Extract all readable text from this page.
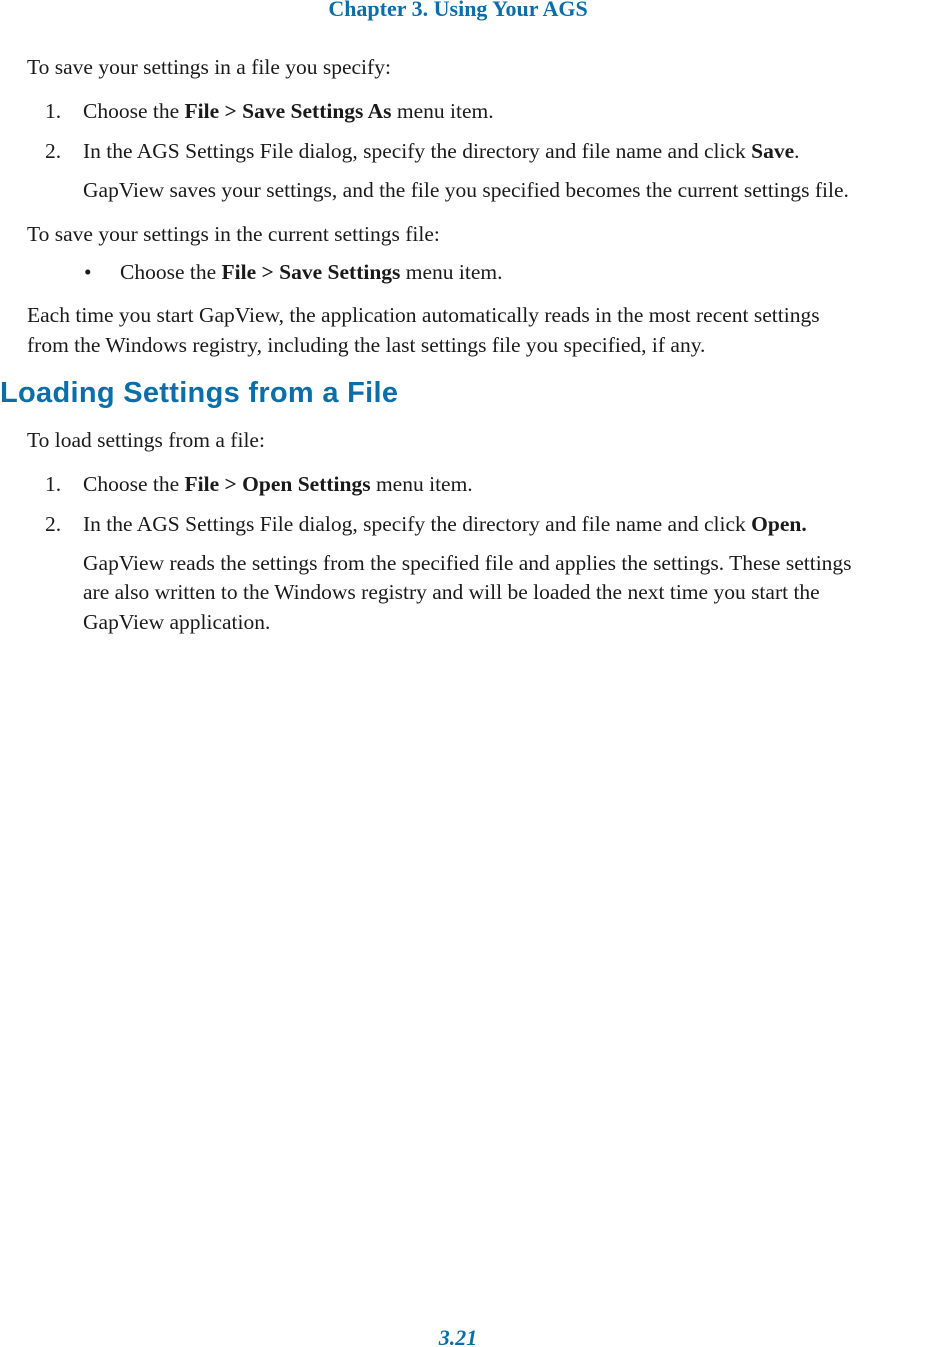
Chapter 3. Using Your AGS
To save your settings in a file you specify:
1. Choose the File > Save Settings As menu item.
2. In the AGS Settings File dialog, specify the directory and file name and click Save.
GapView saves your settings, and the file you specified becomes the current settings file.
To save your settings in the current settings file:
• Choose the File > Save Settings menu item.
Each time you start GapView, the application automatically reads in the most recent settings
from the Windows registry, including the last settings file you specified, if any.
Loading Settings from a File
To load settings from a file:
1. Choose the File > Open Settings menu item.
2. In the AGS Settings File dialog, specify the directory and file name and click Open.
GapView reads the settings from the specified file and applies the settings. These settings
are also written to the Windows registry and will be loaded the next time you start the
GapView application.
3.21
